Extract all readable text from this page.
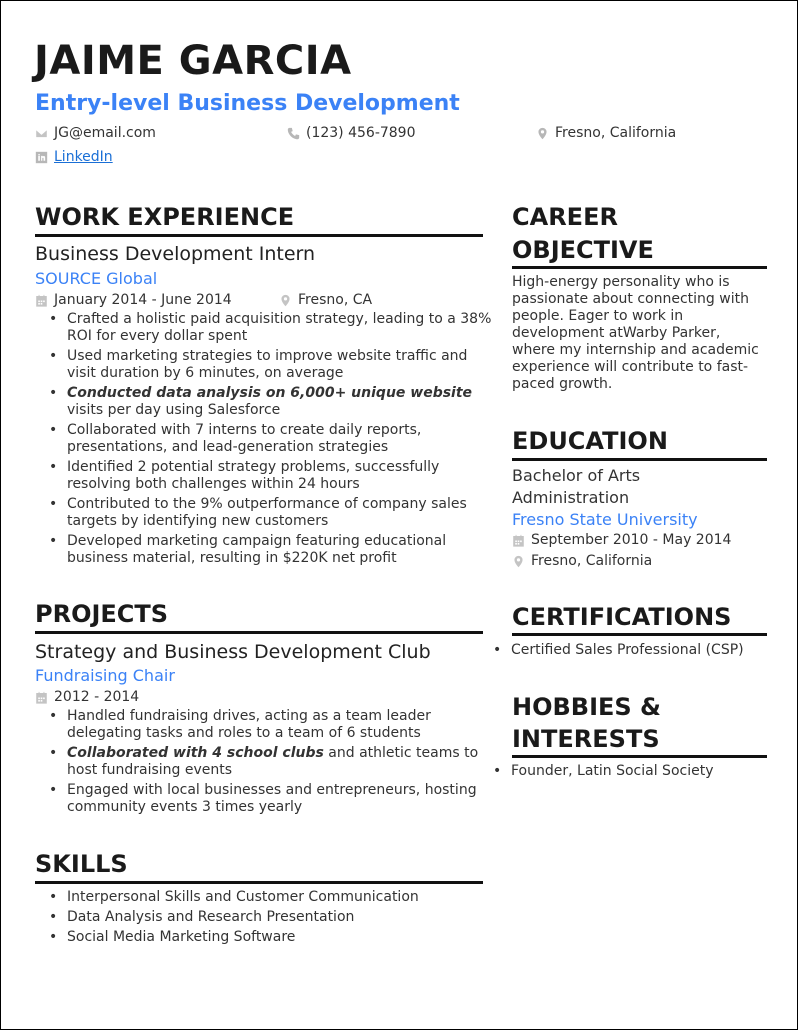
JAIME GARCIA
Entry-level Business Development
JG@email.com	(123) 456-7890	Fresno, California
LinkedIn
WORK EXPERIENCE
Business Development Intern
SOURCE Global
January 2014 - June 2014	Fresno, CA
• Crafted a holistic paid acquisition strategy, leading to a 38% ROI for every dollar spent
• Used marketing strategies to improve website traffic and visit duration by 6 minutes, on average
• Conducted data analysis on 6,000+ unique website visits per day using Salesforce
• Collaborated with 7 interns to create daily reports, presentations, and lead-generation strategies
• Identified 2 potential strategy problems, successfully resolving both challenges within 24 hours
• Contributed to the 9% outperformance of company sales targets by identifying new customers
• Developed marketing campaign featuring educational business material, resulting in $220K net profit
PROJECTS
Strategy and Business Development Club
Fundraising Chair
2012 - 2014
• Handled fundraising drives, acting as a team leader delegating tasks and roles to a team of 6 students
• Collaborated with 4 school clubs and athletic teams to host fundraising events
• Engaged with local businesses and entrepreneurs, hosting community events 3 times yearly
SKILLS
• Interpersonal Skills and Customer Communication
• Data Analysis and Research Presentation
• Social Media Marketing Software
CAREER
OBJECTIVE
High-energy personality who is passionate about connecting with people. Eager to work in development atWarby Parker, where my internship and academic experience will contribute to fast-paced growth.
EDUCATION
Bachelor of Arts
Administration
Fresno State University
September 2010 - May 2014
Fresno, California
CERTIFICATIONS
• Certified Sales Professional (CSP)
HOBBIES &
INTERESTS
• Founder, Latin Social Society
